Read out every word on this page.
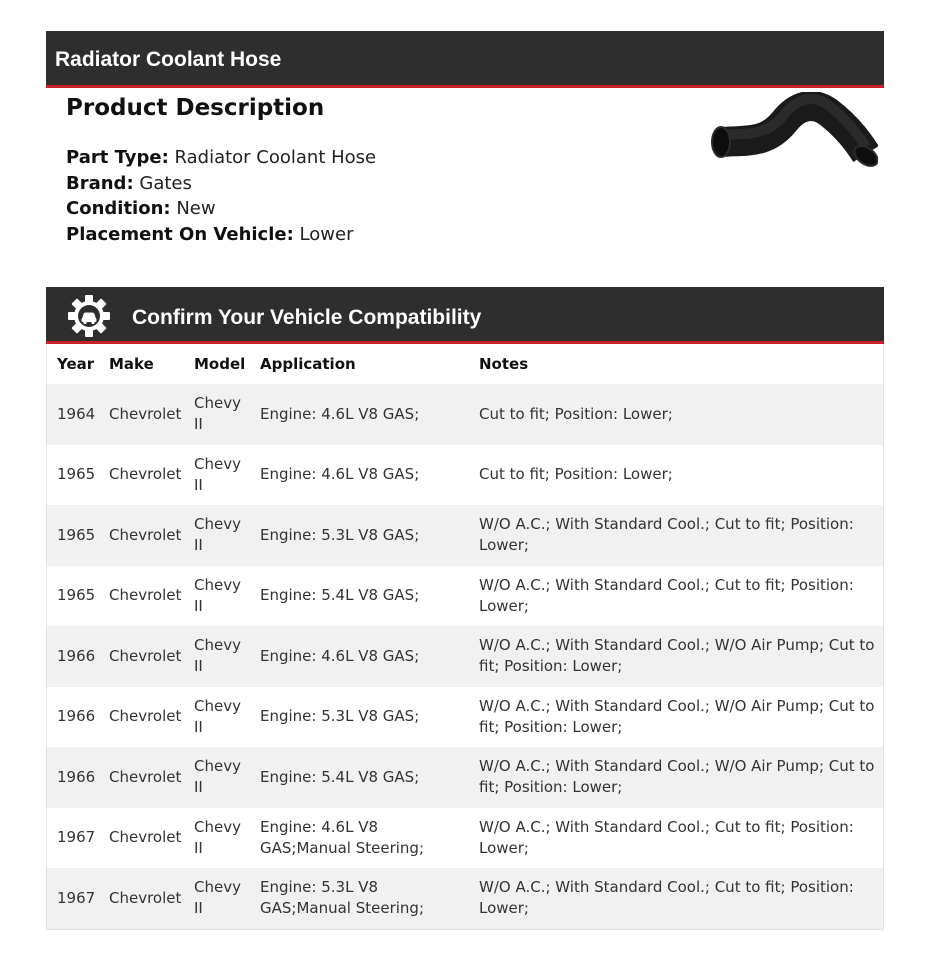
Radiator Coolant Hose
Product Description
Part Type: Radiator Coolant Hose
Brand: Gates
Condition: New
Placement On Vehicle: Lower
Confirm Your Vehicle Compatibility
Year	Make	Model	Application	Notes
1964	Chevrolet	Chevy II	Engine: 4.6L V8 GAS;	Cut to fit; Position: Lower;
1965	Chevrolet	Chevy II	Engine: 4.6L V8 GAS;	Cut to fit; Position: Lower;
1965	Chevrolet	Chevy II	Engine: 5.3L V8 GAS;	W/O A.C.; With Standard Cool.; Cut to fit; Position: Lower;
1965	Chevrolet	Chevy II	Engine: 5.4L V8 GAS;	W/O A.C.; With Standard Cool.; Cut to fit; Position: Lower;
1966	Chevrolet	Chevy II	Engine: 4.6L V8 GAS;	W/O A.C.; With Standard Cool.; W/O Air Pump; Cut to fit; Position: Lower;
1966	Chevrolet	Chevy II	Engine: 5.3L V8 GAS;	W/O A.C.; With Standard Cool.; W/O Air Pump; Cut to fit; Position: Lower;
1966	Chevrolet	Chevy II	Engine: 5.4L V8 GAS;	W/O A.C.; With Standard Cool.; W/O Air Pump; Cut to fit; Position: Lower;
1967	Chevrolet	Chevy II	Engine: 4.6L V8 GAS;Manual Steering;	W/O A.C.; With Standard Cool.; Cut to fit; Position: Lower;
1967	Chevrolet	Chevy II	Engine: 5.3L V8 GAS;Manual Steering;	W/O A.C.; With Standard Cool.; Cut to fit; Position: Lower;
